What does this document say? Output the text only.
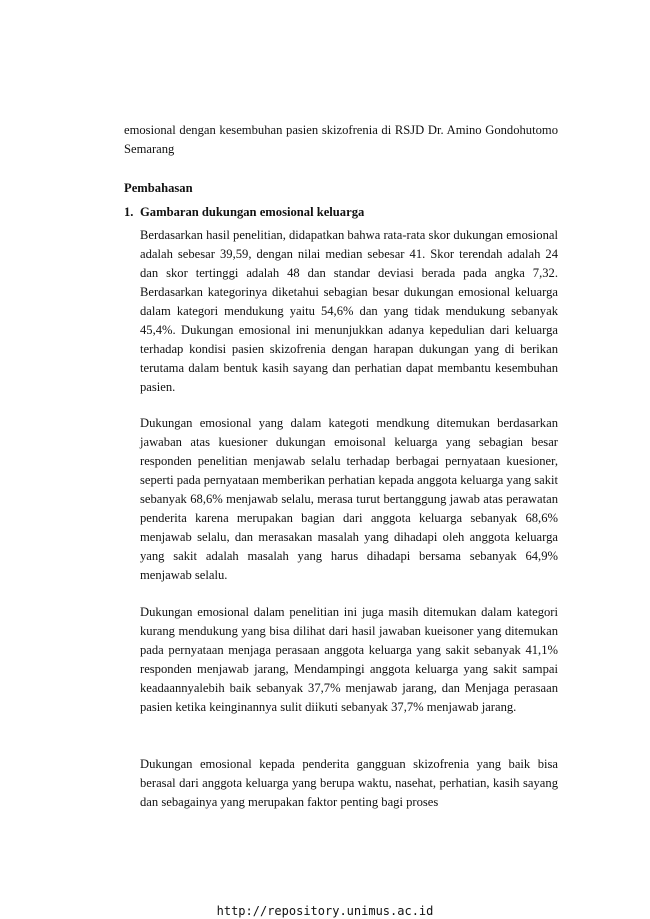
emosional dengan kesembuhan pasien skizofrenia di RSJD Dr. Amino Gondohutomo Semarang

Pembahasan

1. Gambaran dukungan emosional keluarga

Berdasarkan hasil penelitian, didapatkan bahwa rata-rata skor dukungan emosional adalah sebesar 39,59, dengan nilai median sebesar 41. Skor terendah adalah 24 dan skor tertinggi adalah 48 dan standar deviasi berada pada angka 7,32. Berdasarkan kategorinya diketahui sebagian besar dukungan emosional keluarga dalam kategori mendukung yaitu 54,6% dan yang tidak mendukung sebanyak 45,4%. Dukungan emosional ini menunjukkan adanya kepedulian dari keluarga terhadap kondisi pasien skizofrenia dengan harapan dukungan yang di berikan terutama dalam bentuk kasih sayang dan perhatian dapat membantu kesembuhan pasien.

Dukungan emosional yang dalam kategoti mendkung ditemukan berdasarkan jawaban atas kuesioner dukungan emoisonal keluarga yang sebagian besar responden penelitian menjawab selalu terhadap berbagai pernyataan kuesioner, seperti pada pernyataan memberikan perhatian kepada anggota keluarga yang sakit sebanyak 68,6% menjawab selalu, merasa turut bertanggung jawab atas perawatan penderita karena merupakan bagian dari anggota keluarga sebanyak 68,6% menjawab selalu, dan merasakan masalah yang dihadapi oleh anggota keluarga yang sakit adalah masalah yang harus dihadapi bersama sebanyak 64,9% menjawab selalu.

Dukungan emosional dalam penelitian ini juga masih ditemukan dalam kategori kurang mendukung yang bisa dilihat dari hasil jawaban kueisoner yang ditemukan pada pernyataan menjaga perasaan anggota keluarga yang sakit sebanyak 41,1% responden menjawab jarang, Mendampingi anggota keluarga yang sakit sampai keadaannyalebih baik sebanyak 37,7% menjawab jarang, dan Menjaga perasaan pasien ketika keinginannya sulit diikuti sebanyak 37,7% menjawab jarang.

Dukungan emosional kepada penderita gangguan skizofrenia yang baik bisa berasal dari anggota keluarga yang berupa waktu, nasehat, perhatian, kasih sayang dan sebagainya yang merupakan faktor penting bagi proses

http://repository.unimus.ac.id
